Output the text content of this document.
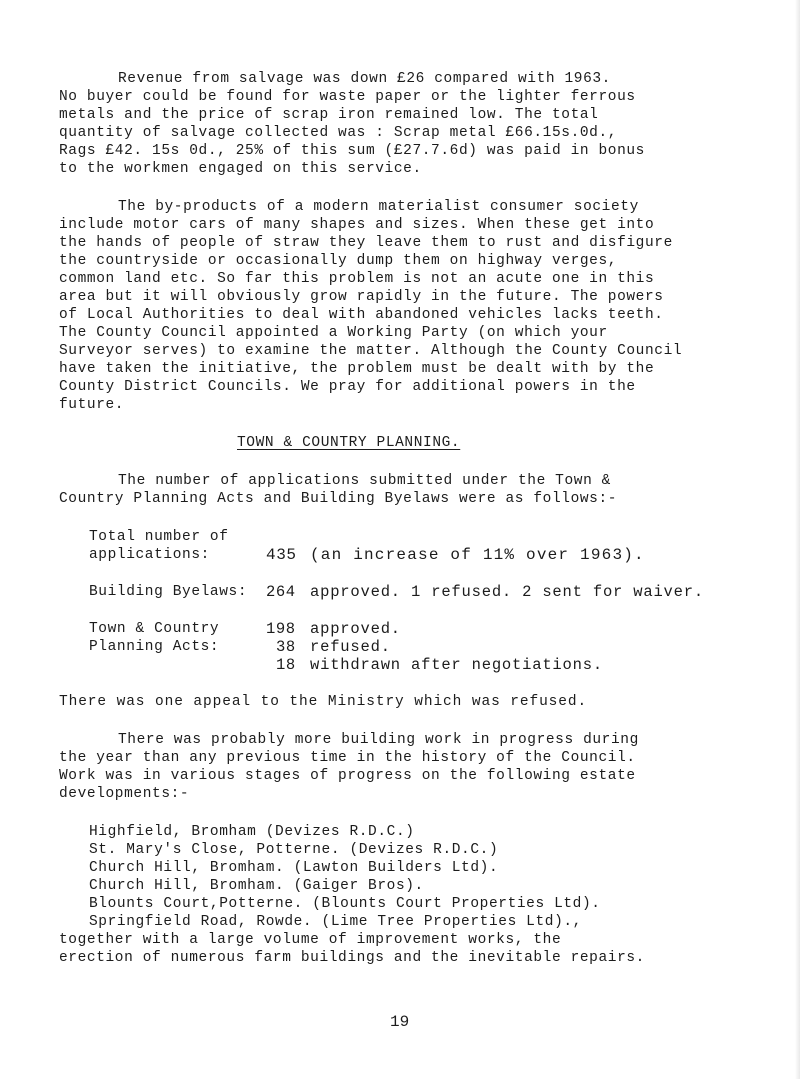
Revenue from salvage was down £26 compared with 1963.
No buyer could be found for waste paper or the lighter ferrous
metals and the price of scrap iron remained low. The total
quantity of salvage collected was : Scrap metal £66.15s.0d.,
Rags £42. 15s 0d., 25% of this sum (£27.7.6d) was paid in bonus
to the workmen engaged on this service.
The by-products of a modern materialist consumer society
include motor cars of many shapes and sizes. When these get into
the hands of people of straw they leave them to rust and disfigure
the countryside or occasionally dump them on highway verges,
common land etc. So far this problem is not an acute one in this
area but it will obviously grow rapidly in the future. The powers
of Local Authorities to deal with abandoned vehicles lacks teeth.
The County Council appointed a Working Party (on which your
Surveyor serves) to examine the matter. Although the County Council
have taken the initiative, the problem must be dealt with by the
County District Councils. We pray for additional powers in the
future.
TOWN & COUNTRY PLANNING.
The number of applications submitted under the Town &
Country Planning Acts and Building Byelaws were as follows:-
Total number of
applications:	435 (an increase of 11% over 1963).
Building Byelaws: 264 approved. 1 refused. 2 sent for waiver.
Town & Country
Planning Acts:
198 approved.
38 refused.
18 withdrawn after negotiations.
There was one appeal to the Ministry which was refused.
There was probably more building work in progress during
the year than any previous time in the history of the Council.
Work was in various stages of progress on the following estate
developments:-
Highfield, Bromham (Devizes R.D.C.)
St. Mary's Close, Potterne. (Devizes R.D.C.)
Church Hill, Bromham. (Lawton Builders Ltd).
Church Hill, Bromham. (Gaiger Bros).
Blounts Court,Potterne. (Blounts Court Properties Ltd).
Springfield Road, Rowde. (Lime Tree Properties Ltd).,
together with a large volume of improvement works, the
erection of numerous farm buildings and the inevitable repairs.
19
